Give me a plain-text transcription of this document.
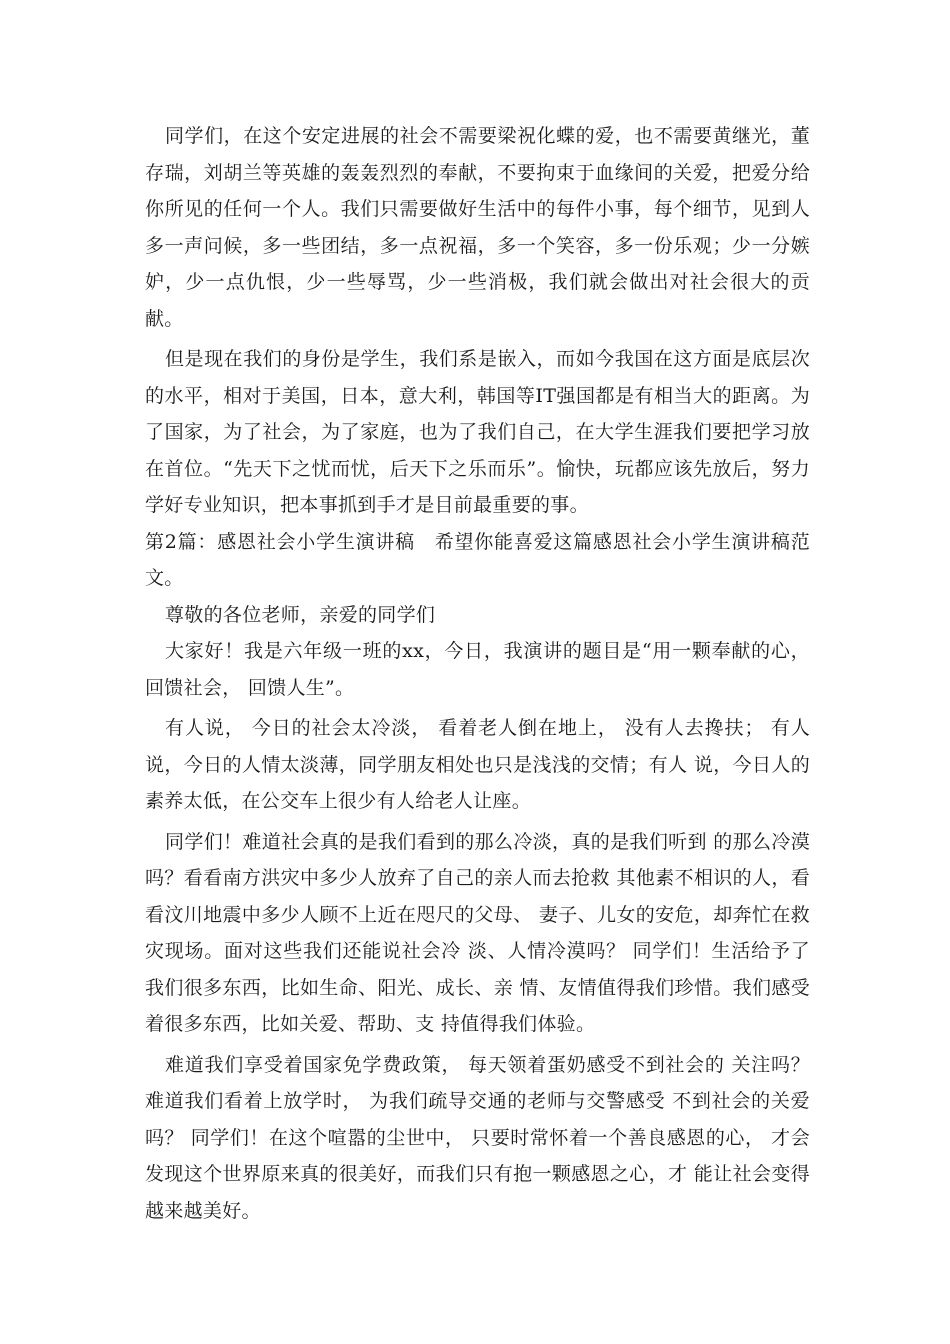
同学们，在这个安定进展的社会不需要梁祝化蝶的爱，也不需要黄继光，董存瑞，刘胡兰等英雄的轰轰烈烈的奉献，不要拘束于血缘间的关爱，把爱分给你所见的任何一个人。我们只需要做好生活中的每件小事，每个细节，见到人多一声问候，多一些团结，多一点祝福，多一个笑容，多一份乐观；少一分嫉妒，少一点仇恨，少一些辱骂，少一些消极，我们就会做出对社会很大的贡献。

但是现在我们的身份是学生，我们系是嵌入，而如今我国在这方面是底层次的水平，相对于美国，日本，意大利，韩国等IT强国都是有相当大的距离。为了国家，为了社会，为了家庭，也为了我们自己，在大学生涯我们要把学习放在首位。“先天下之忧而忧，后天下之乐而乐”。愉快，玩都应该先放后，努力学好专业知识，把本事抓到手才是目前最重要的事。

第2篇：感恩社会小学生演讲稿　希望你能喜爱这篇感恩社会小学生演讲稿范文。

尊敬的各位老师，亲爱的同学们

大家好！我是六年级一班的xx，今日，我演讲的题目是“用一颗奉献的心，回馈社会， 回馈人生”。

有人说， 今日的社会太冷淡， 看着老人倒在地上， 没有人去搀扶； 有人说，今日的人情太淡薄，同学朋友相处也只是浅浅的交情；有人 说，今日人的素养太低，在公交车上很少有人给老人让座。

同学们！难道社会真的是我们看到的那么冷淡，真的是我们听到 的那么冷漠吗？看看南方洪灾中多少人放弃了自己的亲人而去抢救 其他素不相识的人，看看汶川地震中多少人顾不上近在咫尺的父母、 妻子、儿女的安危，却奔忙在救灾现场。面对这些我们还能说社会冷 淡、人情冷漠吗？ 同学们！生活给予了我们很多东西，比如生命、阳光、成长、亲 情、友情值得我们珍惜。我们感受着很多东西，比如关爱、帮助、支 持值得我们体验。

难道我们享受着国家免学费政策， 每天领着蛋奶感受不到社会的 关注吗？难道我们看着上放学时， 为我们疏导交通的老师与交警感受 不到社会的关爱吗？ 同学们！在这个喧嚣的尘世中， 只要时常怀着一个善良感恩的心， 才会发现这个世界原来真的很美好，而我们只有抱一颗感恩之心，才 能让社会变得越来越美好。
